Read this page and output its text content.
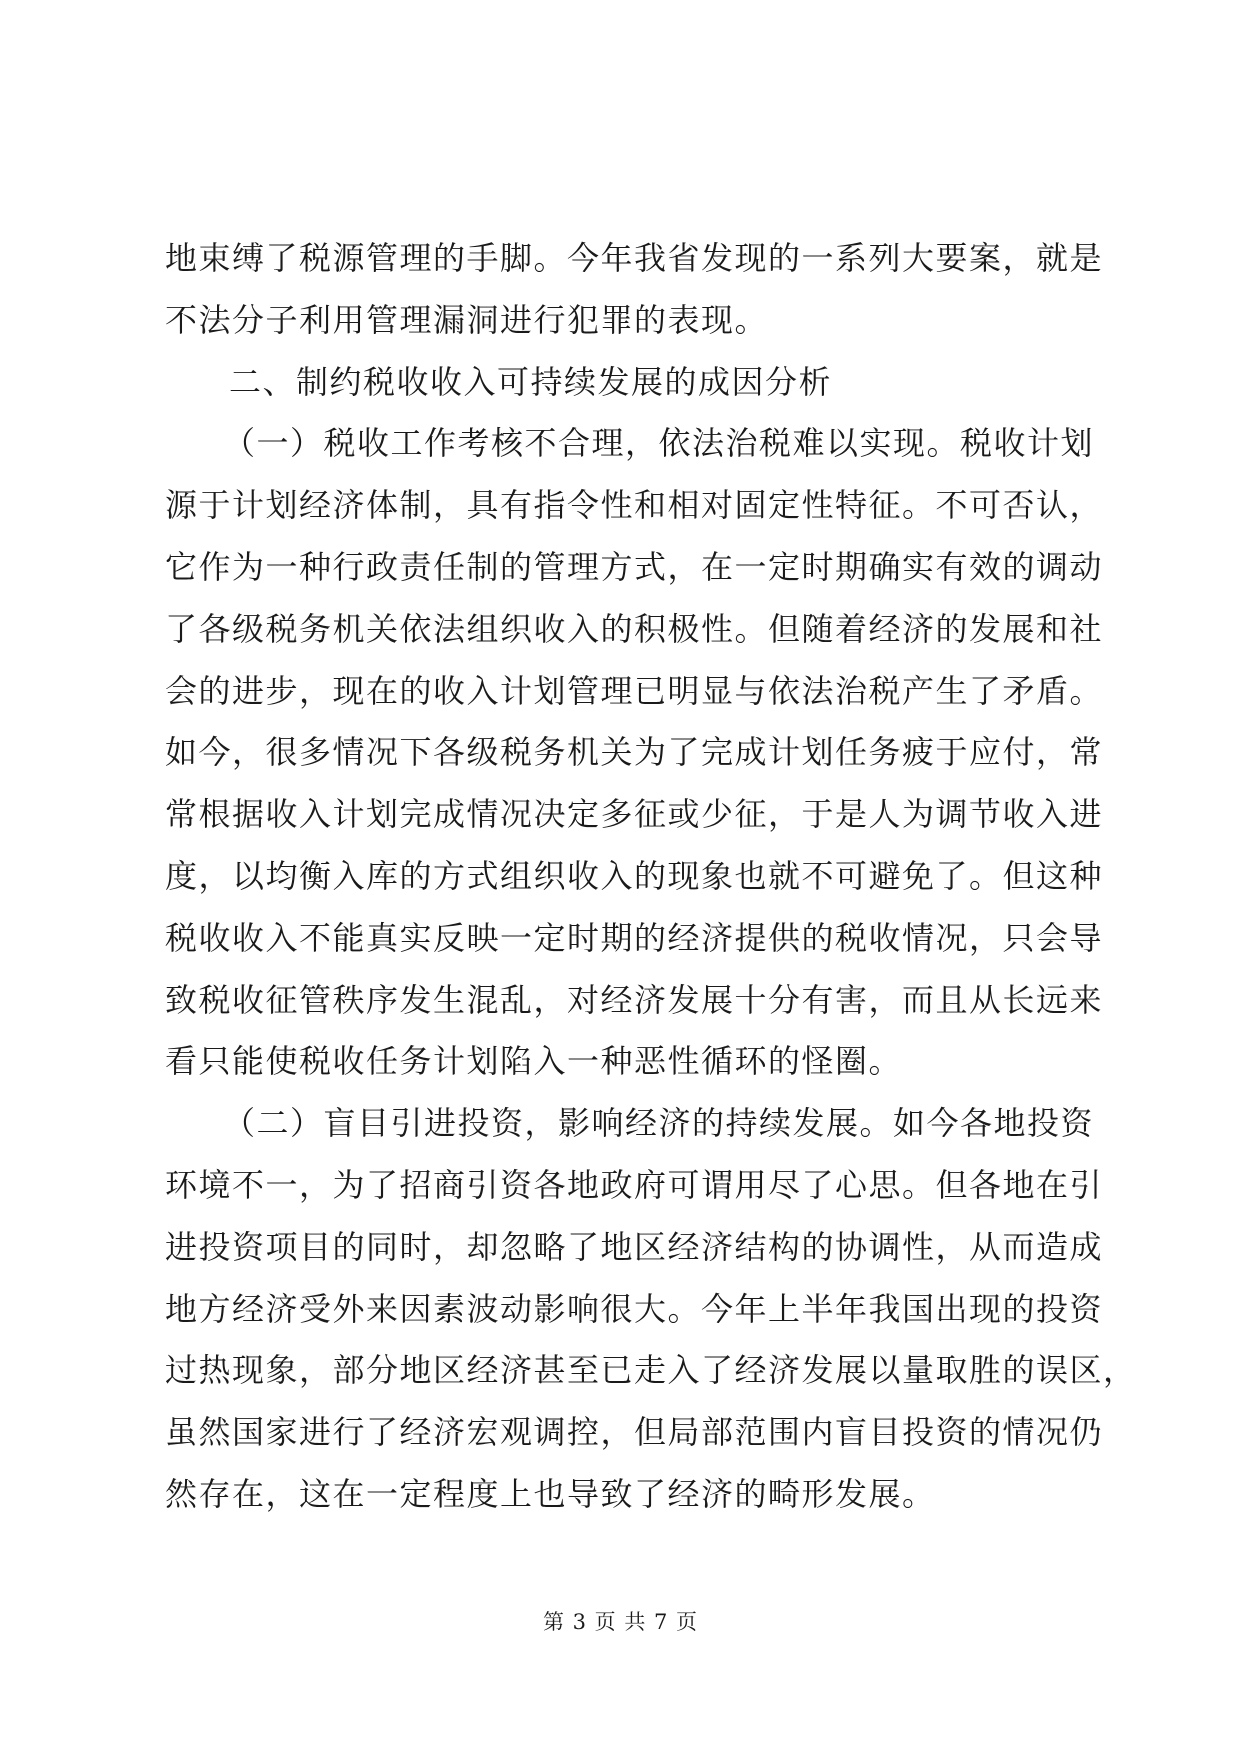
地束缚了税源管理的手脚。今年我省发现的一系列大要案，就是
不法分子利用管理漏洞进行犯罪的表现。
二、制约税收收入可持续发展的成因分析
（一）税收工作考核不合理，依法治税难以实现。税收计划
源于计划经济体制，具有指令性和相对固定性特征。不可否认，
它作为一种行政责任制的管理方式，在一定时期确实有效的调动
了各级税务机关依法组织收入的积极性。但随着经济的发展和社
会的进步，现在的收入计划管理已明显与依法治税产生了矛盾。
如今，很多情况下各级税务机关为了完成计划任务疲于应付，常
常根据收入计划完成情况决定多征或少征，于是人为调节收入进
度，以均衡入库的方式组织收入的现象也就不可避免了。但这种
税收收入不能真实反映一定时期的经济提供的税收情况，只会导
致税收征管秩序发生混乱，对经济发展十分有害，而且从长远来
看只能使税收任务计划陷入一种恶性循环的怪圈。
（二）盲目引进投资，影响经济的持续发展。如今各地投资
环境不一，为了招商引资各地政府可谓用尽了心思。但各地在引
进投资项目的同时，却忽略了地区经济结构的协调性，从而造成
地方经济受外来因素波动影响很大。今年上半年我国出现的投资
过热现象，部分地区经济甚至已走入了经济发展以量取胜的误区，
虽然国家进行了经济宏观调控，但局部范围内盲目投资的情况仍
然存在，这在一定程度上也导致了经济的畸形发展。
第 3 页 共 7 页
